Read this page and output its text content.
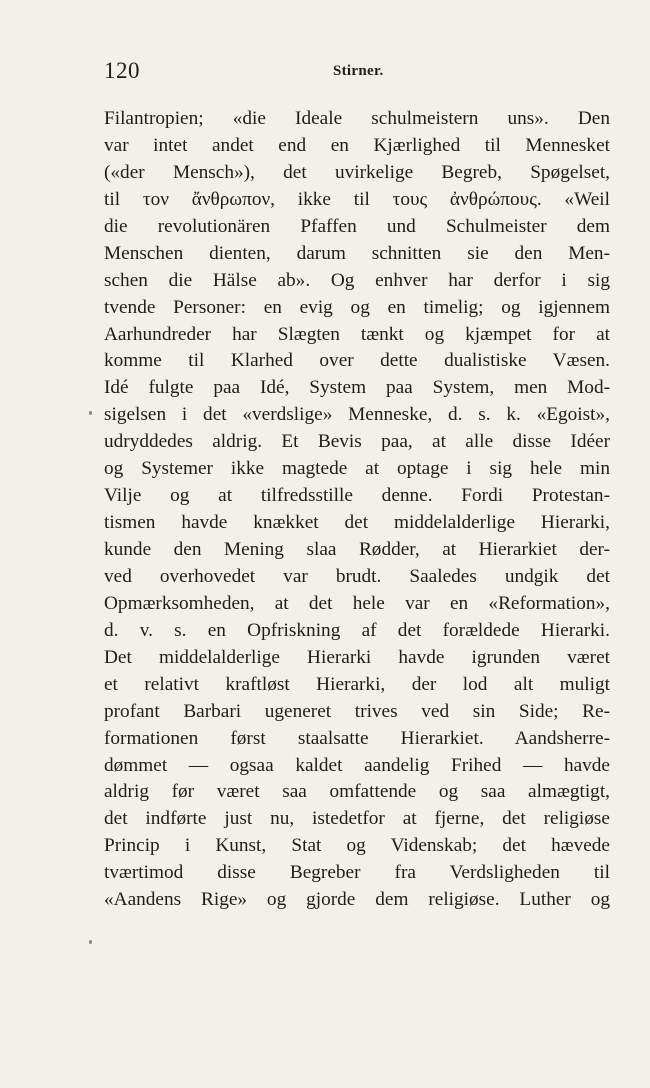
120	Stirner.
Filantropien; «die Ideale schulmeistern uns». Den
var intet andet end en Kjærlighed til Mennesket
(«der Mensch»), det uvirkelige Begreb, Spøgelset,
til τον ἄνθρωπον, ikke til τους ἀνθρώπους. «Weil
die revolutionären Pfaffen und Schulmeister dem
Menschen dienten, darum schnitten sie den Men-
schen die Hälse ab». Og enhver har derfor i sig
tvende Personer: en evig og en timelig; og igjennem
Aarhundreder har Slægten tænkt og kjæmpet for at
komme til Klarhed over dette dualistiske Væsen.
Idé fulgte paa Idé, System paa System, men Mod-
sigelsen i det «verdslige» Menneske, d. s. k. «Egoist»,
udryddedes aldrig. Et Bevis paa, at alle disse Idéer
og Systemer ikke magtede at optage i sig hele min
Vilje og at tilfredsstille denne. Fordi Protestan-
tismen havde knækket det middelalderlige Hierarki,
kunde den Mening slaa Rødder, at Hierarkiet der-
ved overhovedet var brudt. Saaledes undgik det
Opmærksomheden, at det hele var en «Reformation»,
d. v. s. en Opfriskning af det forældede Hierarki.
Det middelalderlige Hierarki havde igrunden været
et relativt kraftløst Hierarki, der lod alt muligt
profant Barbari ugeneret trives ved sin Side; Re-
formationen først staalsatte Hierarkiet. Aandsherre-
dømmet — ogsaa kaldet aandelig Frihed — havde
aldrig før været saa omfattende og saa almægtigt,
det indførte just nu, istedetfor at fjerne, det religiøse
Princip i Kunst, Stat og Videnskab; det hævede
tværtimod disse Begreber fra Verdsligheden til
«Aandens Rige» og gjorde dem religiøse. Luther og
